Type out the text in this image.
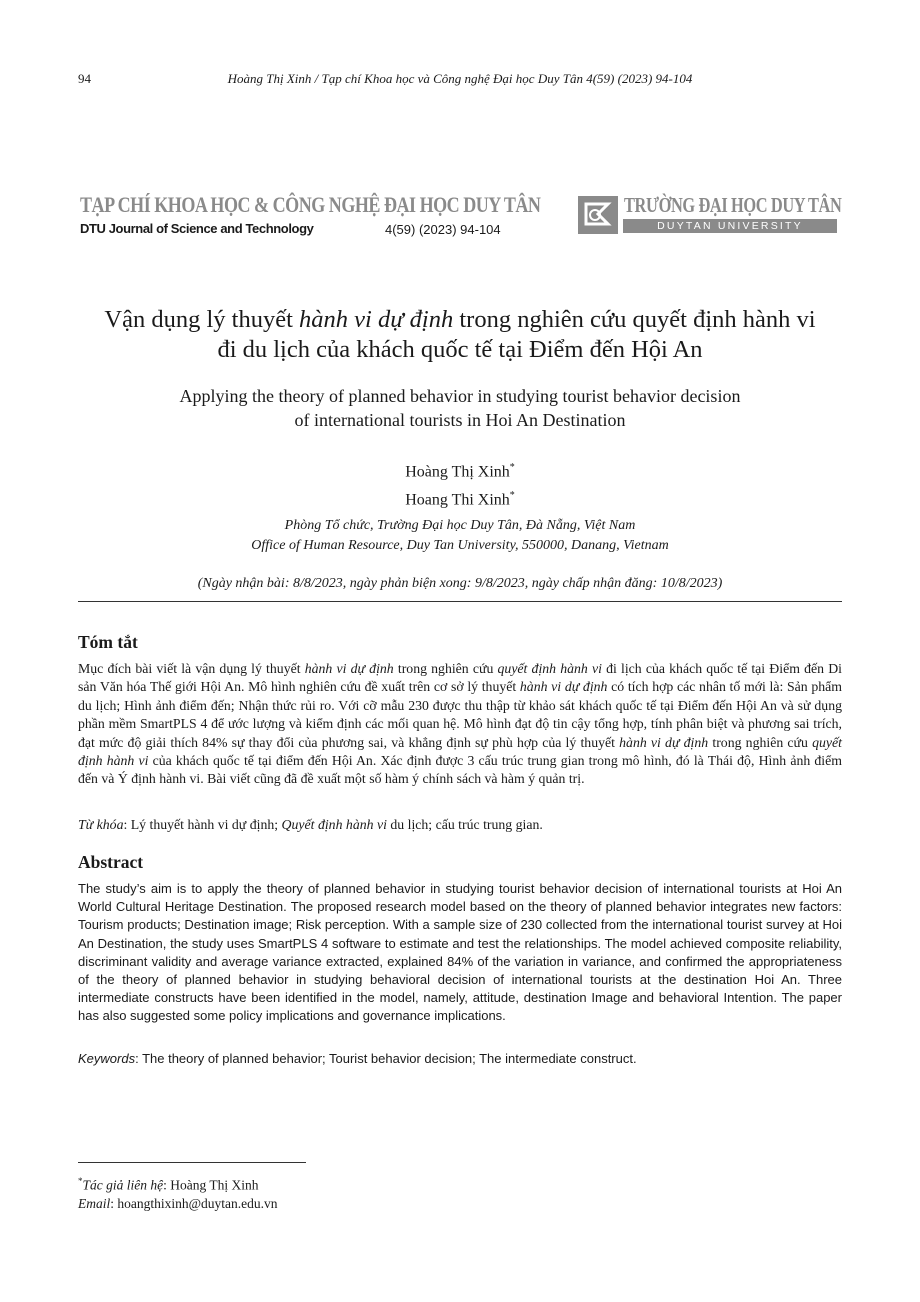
94	Hoàng Thị Xinh / Tạp chí Khoa học và Công nghệ Đại học Duy Tân 4(59) (2023) 94-104
TẠP CHÍ KHOA HỌC & CÔNG NGHỆ ĐẠI HỌC DUY TÂN
DTU Journal of Science and Technology	4(59) (2023) 94-104
TRƯỜNG ĐẠI HỌC DUY TÂN
DUYTAN UNIVERSITY
Vận dụng lý thuyết hành vi dự định trong nghiên cứu quyết định hành vi
đi du lịch của khách quốc tế tại Điểm đến Hội An
Applying the theory of planned behavior in studying tourist behavior decision
of international tourists in Hoi An Destination
Hoàng Thị Xinh*
Hoang Thi Xinh*
Phòng Tổ chức, Trường Đại học Duy Tân, Đà Nẵng, Việt Nam
Office of Human Resource, Duy Tan University, 550000, Danang, Vietnam
(Ngày nhận bài: 8/8/2023, ngày phản biện xong: 9/8/2023, ngày chấp nhận đăng: 10/8/2023)
Tóm tắt
Mục đích bài viết là vận dụng lý thuyết hành vi dự định trong nghiên cứu quyết định hành vi đi lịch của khách quốc tế tại Điểm đến Di sản Văn hóa Thế giới Hội An. Mô hình nghiên cứu đề xuất trên cơ sở lý thuyết hành vi dự định có tích hợp các nhân tố mới là: Sản phẩm du lịch; Hình ảnh điểm đến; Nhận thức rủi ro. Với cỡ mẫu 230 được thu thập từ khảo sát khách quốc tế tại Điểm đến Hội An và sử dụng phần mềm SmartPLS 4 để ước lượng và kiểm định các mối quan hệ. Mô hình đạt độ tin cậy tổng hợp, tính phân biệt và phương sai trích, đạt mức độ giải thích 84% sự thay đổi của phương sai, và khẳng định sự phù hợp của lý thuyết hành vi dự định trong nghiên cứu quyết định hành vi của khách quốc tế tại điểm đến Hội An. Xác định được 3 cấu trúc trung gian trong mô hình, đó là Thái độ, Hình ảnh điểm đến và Ý định hành vi. Bài viết cũng đã đề xuất một số hàm ý chính sách và hàm ý quản trị.
Từ khóa: Lý thuyết hành vi dự định; Quyết định hành vi du lịch; cấu trúc trung gian.
Abstract
The study’s aim is to apply the theory of planned behavior in studying tourist behavior decision of international tourists at Hoi An World Cultural Heritage Destination. The proposed research model based on the theory of planned behavior integrates new factors: Tourism products; Destination image; Risk perception. With a sample size of 230 collected from the international tourist survey at Hoi An Destination, the study uses SmartPLS 4 software to estimate and test the relationships. The model achieved composite reliability, discriminant validity and average variance extracted, explained 84% of the variation in variance, and confirmed the appropriateness of the theory of planned behavior in studying behavioral decision of international tourists at the destination Hoi An. Three intermediate constructs have been identified in the model, namely, attitude, destination Image and behavioral Intention. The paper has also suggested some policy implications and governance implications.
Keywords: The theory of planned behavior; Tourist behavior decision; The intermediate construct.
*Tác giả liên hệ: Hoàng Thị Xinh
Email: hoangthixinh@duytan.edu.vn
